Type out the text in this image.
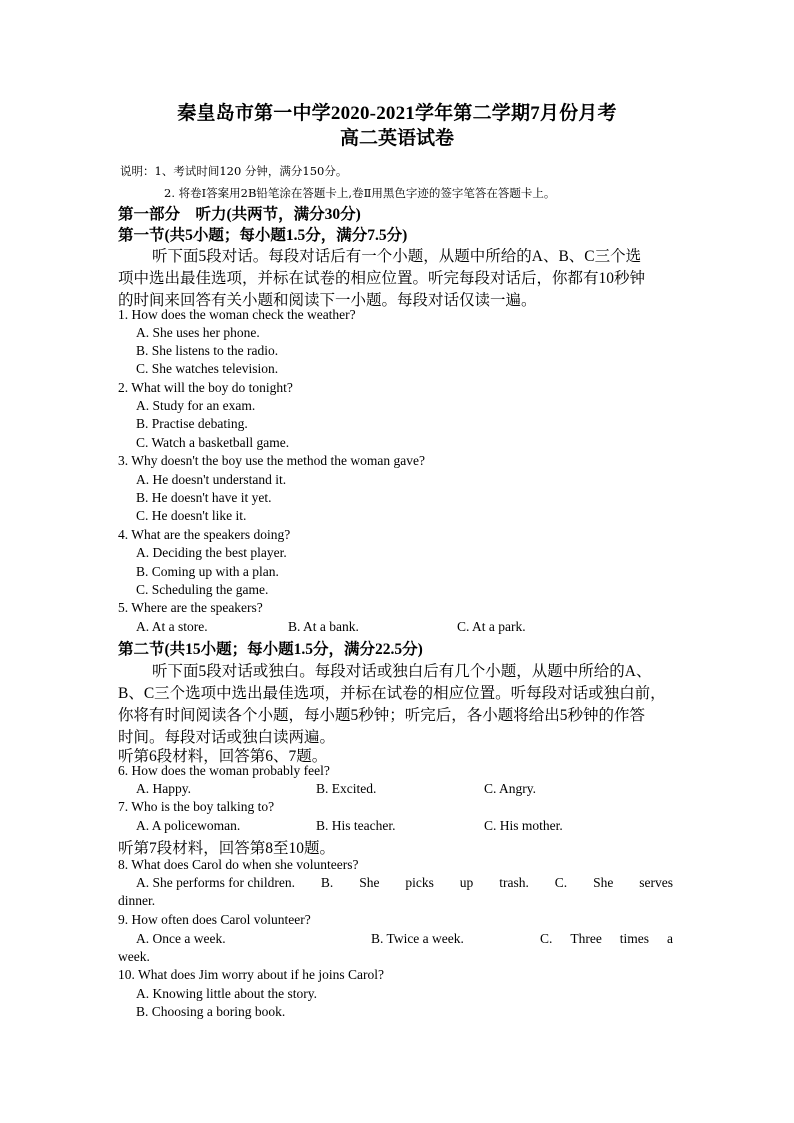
秦皇岛市第一中学2020-2021学年第二学期7月份月考
高二英语试卷
说明：1、考试时间120 分钟，满分150分。
2. 将卷Ⅰ答案用2B铅笔涂在答题卡上,卷Ⅱ用黑色字迹的签字笔答在答题卡上。
第一部分　听力(共两节，满分30分)
第一节(共5小题；每小题1.5分，满分7.5分)
听下面5段对话。每段对话后有一个小题，从题中所给的A、B、C三个选
项中选出最佳选项，并标在试卷的相应位置。听完每段对话后，你都有10秒钟
的时间来回答有关小题和阅读下一小题。每段对话仅读一遍。
1. How does the woman check the weather?
A. She uses her phone.
B. She listens to the radio.
C. She watches television.
2. What will the boy do tonight?
A. Study for an exam.
B. Practise debating.
C. Watch a basketball game.
3. Why doesn't the boy use the method the woman gave?
A. He doesn't understand it.
B. He doesn't have it yet.
C. He doesn't like it.
4. What are the speakers doing?
A. Deciding the best player.
B. Coming up with a plan.
C. Scheduling the game.
5. Where are the speakers?
A. At a store.	B. At a bank.	C. At a park.
第二节(共15小题；每小题1.5分，满分22.5分)
听下面5段对话或独白。每段对话或独白后有几个小题，从题中所给的A、
B、C三个选项中选出最佳选项，并标在试卷的相应位置。听每段对话或独白前，
你将有时间阅读各个小题，每小题5秒钟；听完后，各小题将给出5秒钟的作答
时间。每段对话或独白读两遍。
听第6段材料，回答第6、7题。
6. How does the woman probably feel?
A. Happy.	B. Excited.	C. Angry.
7. Who is the boy talking to?
A. A policewoman.	B. His teacher.	C. His mother.
听第7段材料，回答第8至10题。
8. What does Carol do when she volunteers?
A. She performs for children. B. She picks up trash. C. She serves
dinner.
9. How often does Carol volunteer?
A. Once a week.	B. Twice a week.	C. Three times a
week.
10. What does Jim worry about if he joins Carol?
A. Knowing little about the story.
B. Choosing a boring book.
